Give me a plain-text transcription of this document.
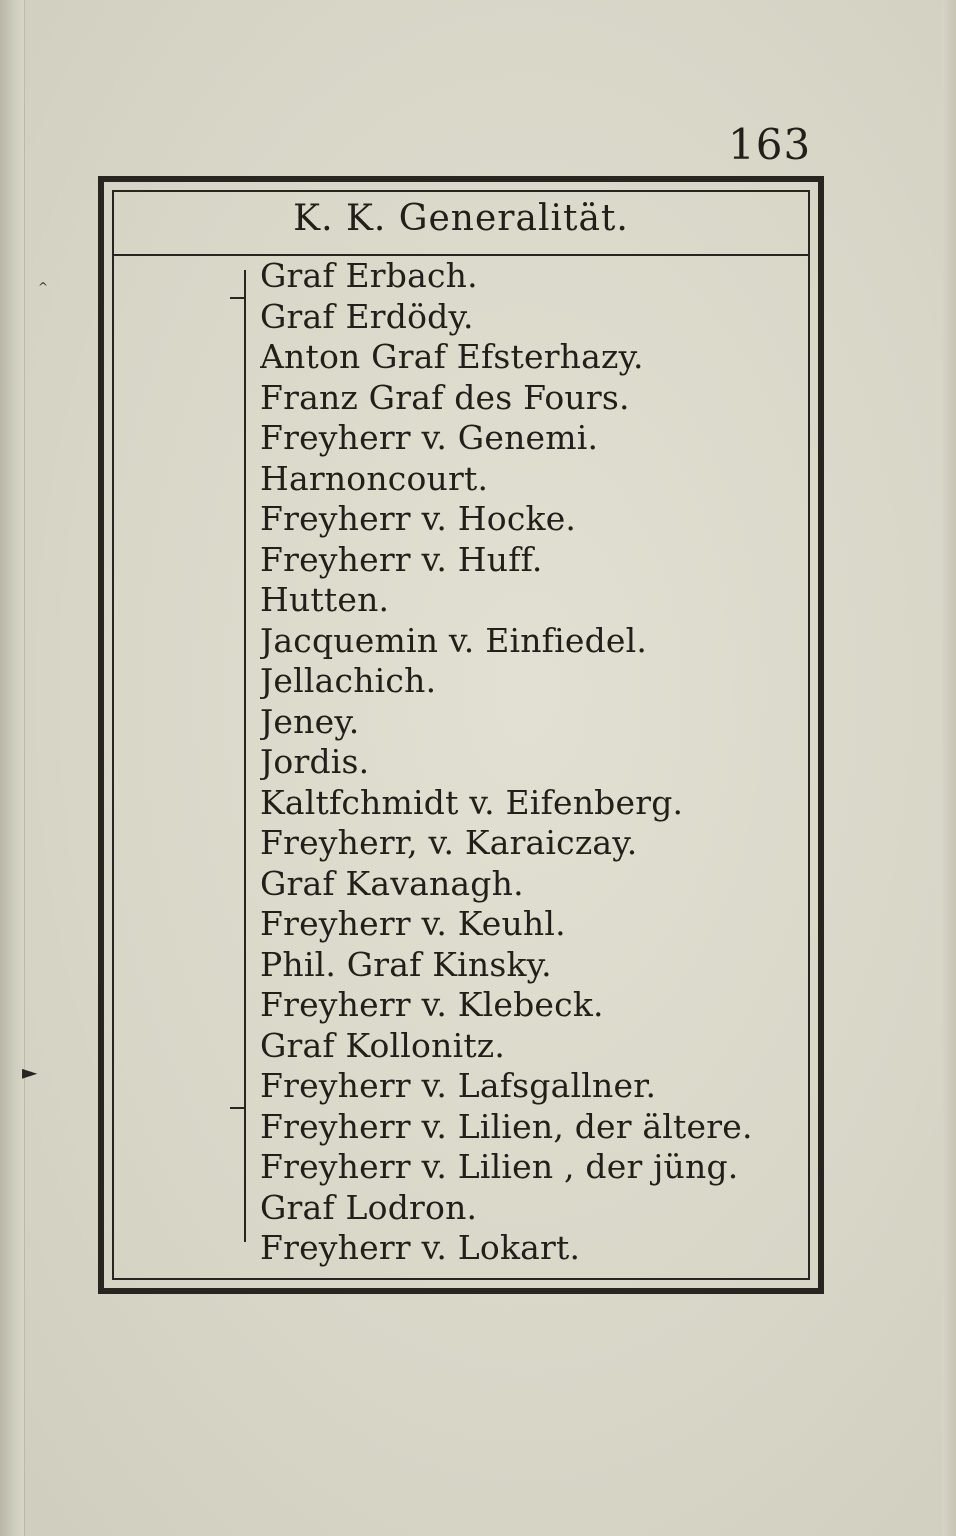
^
►
163
K. K. Generalität.
Graf Erbach.
Graf Erdödy.
Anton Graf Efsterhazy.
Franz Graf des Fours.
Freyherr v. Genemi.
Harnoncourt.
Freyherr v. Hocke.
Freyherr v. Huff.
Hutten.
Jacquemin v. Einfiedel.
Jellachich.
Jeney.
Jordis.
Kaltfchmidt v. Eifenberg.
Freyherr, v. Karaiczay.
Graf Kavanagh.
Freyherr v. Keuhl.
Phil. Graf Kinsky.
Freyherr v. Klebeck.
Graf Kollonitz.
Freyherr v. Lafsgallner.
Freyherr v. Lilien, der ältere.
Freyherr v. Lilien , der jüng.
Graf Lodron.
Freyherr v. Lokart.
